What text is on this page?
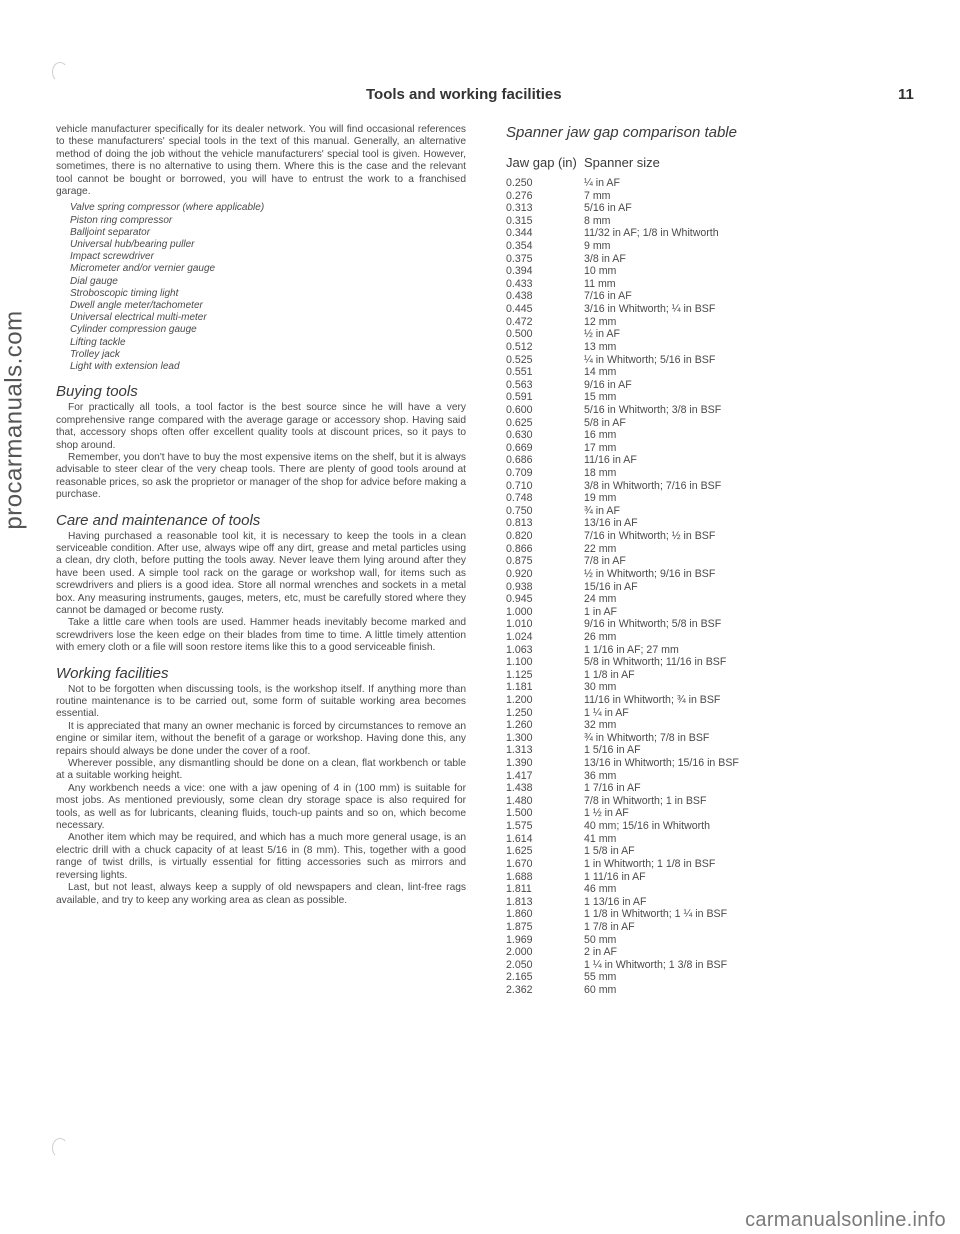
procarmanuals.com
Tools and working facilities	11

vehicle manufacturer specifically for its dealer network. You will find occasional references to these manufacturers' special tools in the text of this manual. Generally, an alternative method of doing the job without the vehicle manufacturers' special tool is given. However, sometimes, there is no alternative to using them. Where this is the case and the relevant tool cannot be bought or borrowed, you will have to entrust the work to a franchised garage.

Valve spring compressor (where applicable)
Piston ring compressor
Balljoint separator
Universal hub/bearing puller
Impact screwdriver
Micrometer and/or vernier gauge
Dial gauge
Stroboscopic timing light
Dwell angle meter/tachometer
Universal electrical multi-meter
Cylinder compression gauge
Lifting tackle
Trolley jack
Light with extension lead
Buying tools

For practically all tools, a tool factor is the best source since he will have a very comprehensive range compared with the average garage or accessory shop. Having said that, accessory shops often offer excellent quality tools at discount prices, so it pays to shop around.

Remember, you don't have to buy the most expensive items on the shelf, but it is always advisable to steer clear of the very cheap tools. There are plenty of good tools around at reasonable prices, so ask the proprietor or manager of the shop for advice before making a purchase.

Care and maintenance of tools

Having purchased a reasonable tool kit, it is necessary to keep the tools in a clean serviceable condition. After use, always wipe off any dirt, grease and metal particles using a clean, dry cloth, before putting the tools away. Never leave them lying around after they have been used. A simple tool rack on the garage or workshop wall, for items such as screwdrivers and pliers is a good idea. Store all normal wrenches and sockets in a metal box. Any measuring instruments, gauges, meters, etc, must be carefully stored where they cannot be damaged or become rusty.

Take a little care when tools are used. Hammer heads inevitably become marked and screwdrivers lose the keen edge on their blades from time to time. A little timely attention with emery cloth or a file will soon restore items like this to a good serviceable finish.

Working facilities

Not to be forgotten when discussing tools, is the workshop itself. If anything more than routine maintenance is to be carried out, some form of suitable working area becomes essential.

It is appreciated that many an owner mechanic is forced by circumstances to remove an engine or similar item, without the benefit of a garage or workshop. Having done this, any repairs should always be done under the cover of a roof.

Wherever possible, any dismantling should be done on a clean, flat workbench or table at a suitable working height.

Any workbench needs a vice: one with a jaw opening of 4 in (100 mm) is suitable for most jobs. As mentioned previously, some clean dry storage space is also required for tools, as well as for lubricants, cleaning fluids, touch-up paints and so on, which become necessary.

Another item which may be required, and which has a much more general usage, is an electric drill with a chuck capacity of at least 5/16 in (8 mm). This, together with a good range of twist drills, is virtually essential for fitting accessories such as mirrors and reversing lights.

Last, but not least, always keep a supply of old newspapers and clean, lint-free rags available, and try to keep any working area as clean as possible.

Spanner jaw gap comparison table
Jaw gap (in) Spanner size
0.250	¼ in AF
0.276	7 mm
0.313	5/16 in AF
0.315	8 mm
0.344	11/32 in AF; 1/8 in Whitworth
0.354	9 mm
0.375	3/8 in AF
0.394	10 mm
0.433	11 mm
0.438	7/16 in AF
0.445	3/16 in Whitworth; ¼ in BSF
0.472	12 mm
0.500	½ in AF
0.512	13 mm
0.525	¼ in Whitworth; 5/16 in BSF
0.551	14 mm
0.563	9/16 in AF
0.591	15 mm
0.600	5/16 in Whitworth; 3/8 in BSF
0.625	5/8 in AF
0.630	16 mm
0.669	17 mm
0.686	11/16 in AF
0.709	18 mm
0.710	3/8 in Whitworth; 7/16 in BSF
0.748	19 mm
0.750	¾ in AF
0.813	13/16 in AF
0.820	7/16 in Whitworth; ½ in BSF
0.866	22 mm
0.875	7/8 in AF
0.920	½ in Whitworth; 9/16 in BSF
0.938	15/16 in AF
0.945	24 mm
1.000	1 in AF
1.010	9/16 in Whitworth; 5/8 in BSF
1.024	26 mm
1.063	1 1/16 in AF; 27 mm
1.100	5/8 in Whitworth; 11/16 in BSF
1.125	1 1/8 in AF
1.181	30 mm
1.200	11/16 in Whitworth; ¾ in BSF
1.250	1 ¼ in AF
1.260	32 mm
1.300	¾ in Whitworth; 7/8 in BSF
1.313	1 5/16 in AF
1.390	13/16 in Whitworth; 15/16 in BSF
1.417	36 mm
1.438	1 7/16 in AF
1.480	7/8 in Whitworth; 1 in BSF
1.500	1 ½ in AF
1.575	40 mm; 15/16 in Whitworth
1.614	41 mm
1.625	1 5/8 in AF
1.670	1 in Whitworth; 1 1/8 in BSF
1.688	1 11/16 in AF
1.811	46 mm
1.813	1 13/16 in AF
1.860	1 1/8 in Whitworth; 1 ¼ in BSF
1.875	1 7/8 in AF
1.969	50 mm
2.000	2 in AF
2.050	1 ¼ in Whitworth; 1 3/8 in BSF
2.165	55 mm
2.362	60 mm
carmanualsonline.info
